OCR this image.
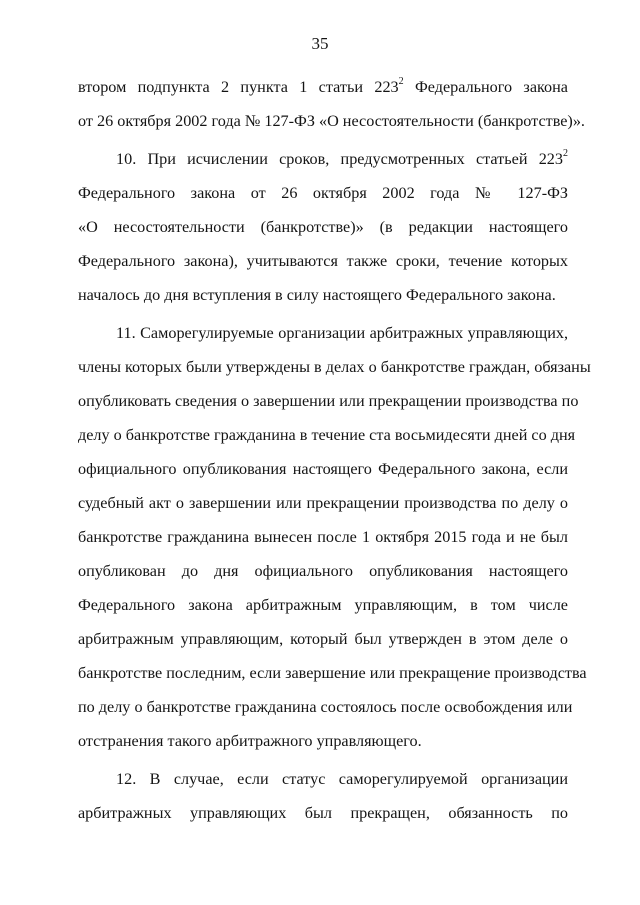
35

втором подпункта 2 пункта 1 статьи $223^2$ Федерального закона
от 26 октября 2002 года № 127-ФЗ «О несостоятельности (банкротстве)».

10. При исчислении сроков, предусмотренных статьей $223^2$
Федерального закона от 26 октября 2002 года № 127-ФЗ
«О несостоятельности (банкротстве)» (в редакции настоящего
Федерального закона), учитываются также сроки, течение которых
началось до дня вступления в силу настоящего Федерального закона.

11. Саморегулируемые организации арбитражных управляющих,
члены которых были утверждены в делах о банкротстве граждан, обязаны
опубликовать сведения о завершении или прекращении производства по
делу о банкротстве гражданина в течение ста восьмидесяти дней со дня
официального опубликования настоящего Федерального закона, если
судебный акт о завершении или прекращении производства по делу о
банкротстве гражданина вынесен после 1 октября 2015 года и не был
опубликован до дня официального опубликования настоящего
Федерального закона арбитражным управляющим, в том числе
арбитражным управляющим, который был утвержден в этом деле о
банкротстве последним, если завершение или прекращение производства
по делу о банкротстве гражданина состоялось после освобождения или
отстранения такого арбитражного управляющего.

12. В случае, если статус саморегулируемой организации
арбитражных управляющих был прекращен, обязанность по
